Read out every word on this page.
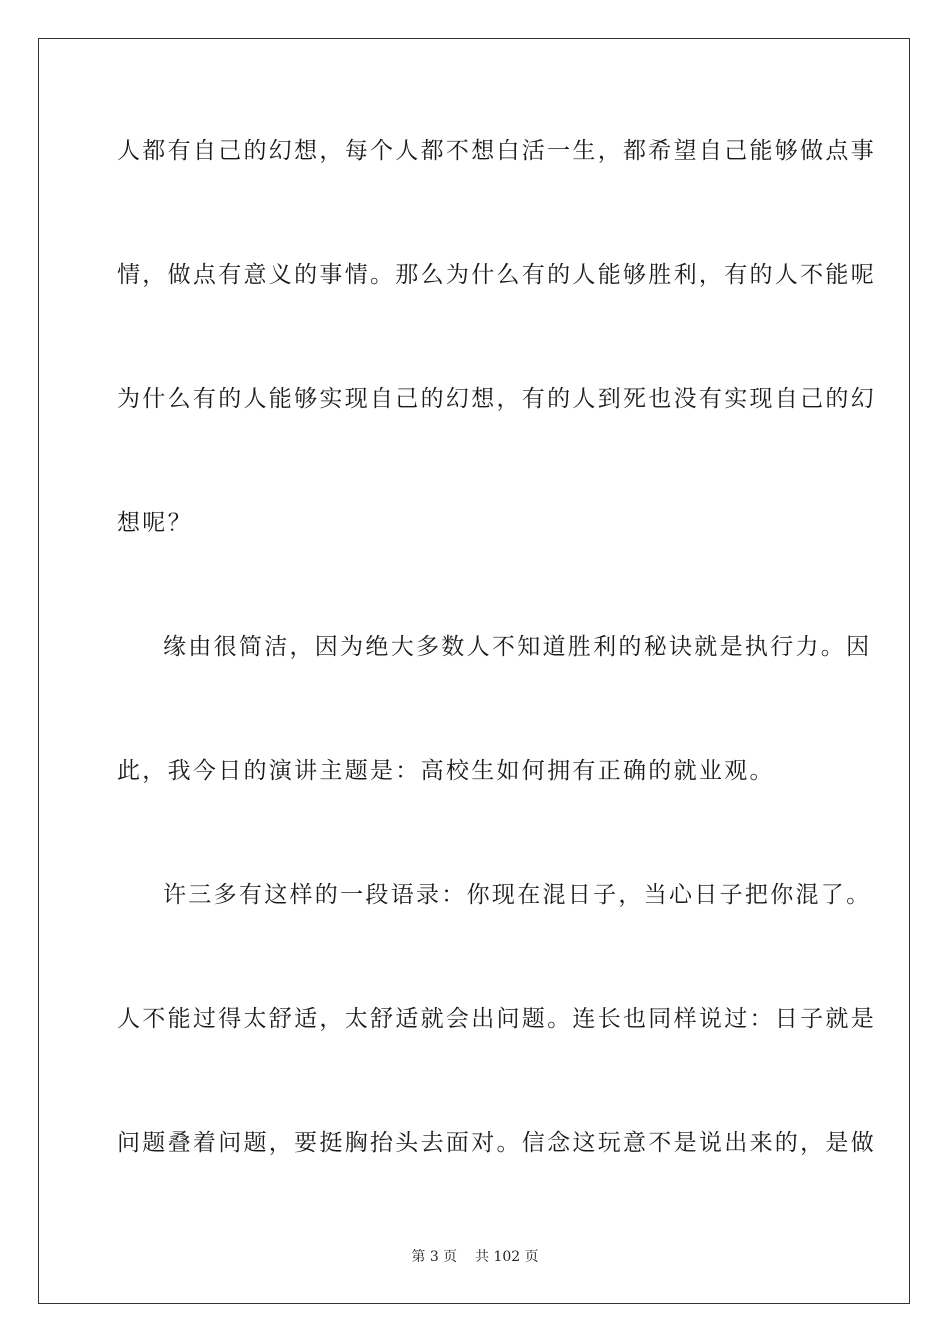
人都有自己的幻想，每个人都不想白活一生，都希望自己能够做点事
情，做点有意义的事情。那么为什么有的人能够胜利，有的人不能呢
为什么有的人能够实现自己的幻想，有的人到死也没有实现自己的幻
想呢？
缘由很简洁，因为绝大多数人不知道胜利的秘诀就是执行力。因
此，我今日的演讲主题是：高校生如何拥有正确的就业观。
许三多有这样的一段语录：你现在混日子，当心日子把你混了。
人不能过得太舒适，太舒适就会出问题。连长也同样说过：日子就是
问题叠着问题，要挺胸抬头去面对。信念这玩意不是说出来的，是做
第 3 页 共 102 页
